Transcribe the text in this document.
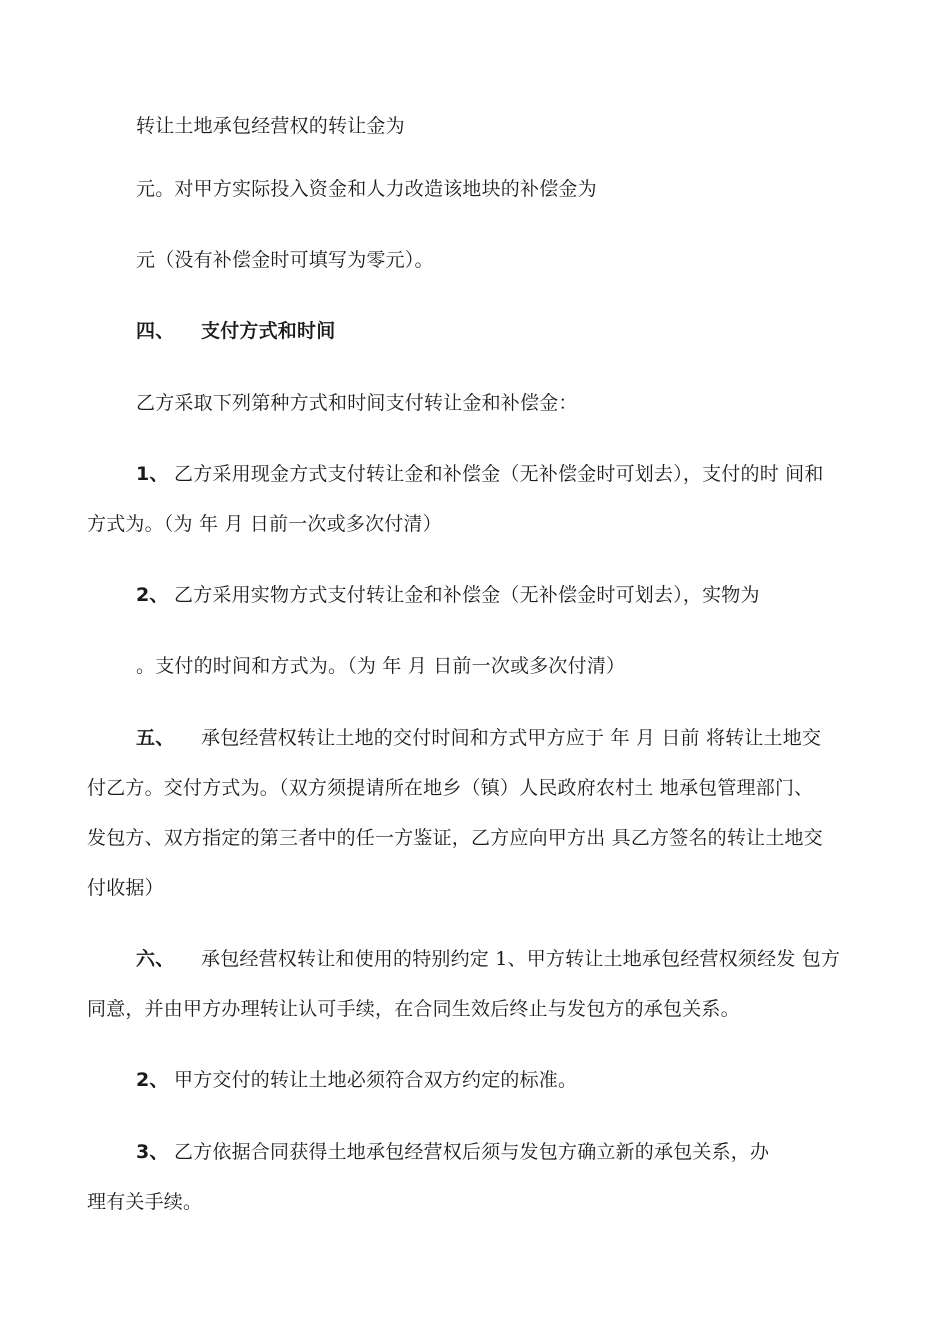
转让土地承包经营权的转让金为
元。对甲方实际投入资金和人力改造该地块的补偿金为
元（没有补偿金时可填写为零元）。
四、 支付方式和时间
乙方采取下列第种方式和时间支付转让金和补偿金：
1、 乙方采用现金方式支付转让金和补偿金（无补偿金时可划去），支付的时 间和
方式为。（为 年 月 日前一次或多次付清）
2、 乙方采用实物方式支付转让金和补偿金（无补偿金时可划去），实物为
。支付的时间和方式为。（为 年 月 日前一次或多次付清）
五、 承包经营权转让土地的交付时间和方式甲方应于 年 月 日前 将转让土地交
付乙方。交付方式为。（双方须提请所在地乡（镇）人民政府农村土 地承包管理部门、
发包方、双方指定的第三者中的任一方鉴证，乙方应向甲方出 具乙方签名的转让土地交
付收据）
六、 承包经营权转让和使用的特别约定 1、甲方转让土地承包经营权须经发 包方
同意，并由甲方办理转让认可手续，在合同生效后终止与发包方的承包关系。
2、 甲方交付的转让土地必须符合双方约定的标准。
3、 乙方依据合同获得土地承包经营权后须与发包方确立新的承包关系，办
理有关手续。
